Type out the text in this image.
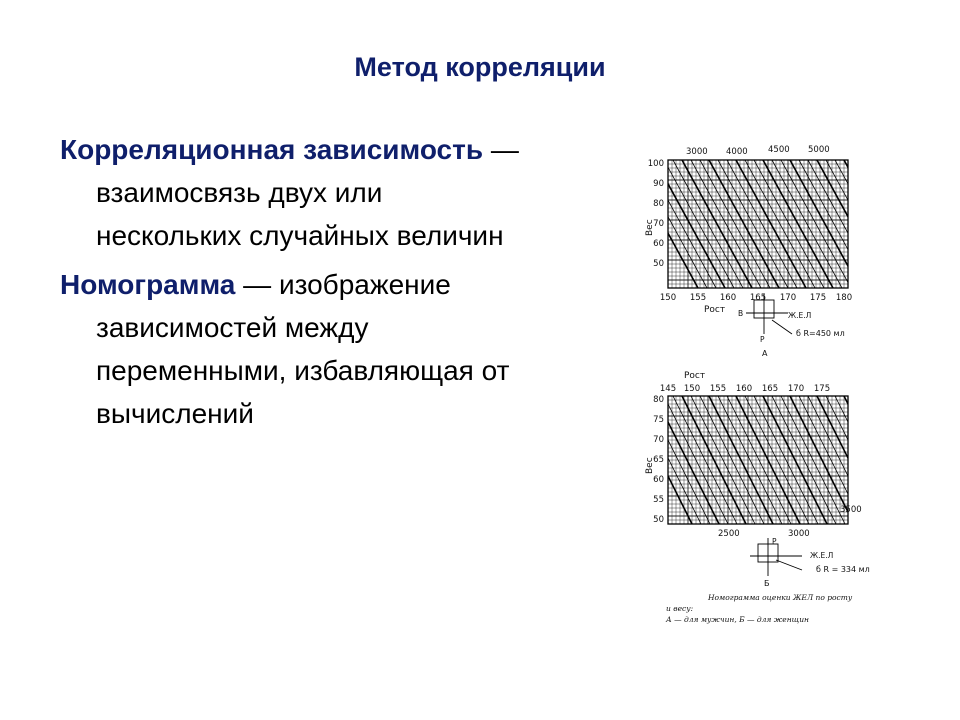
Метод корреляции

Корреляционная зависимость — взаимосвязь двух или нескольких случайных величин

Номограмма — изображение зависимостей между переменными, избавляющая от вычислений

3000 4000 4500 5000
100
90
80
70
60
50
Вес
150 155 160 165 170 175 180
Рост В
Р
Ж.Е.Л
б R=450 мл
А
Рост
145 150 155 160 165 170 175
80
75
70
65
60
55
50
Вес
3500
2500	3000
Р
Ж.Е.Л
б R = 334 мл
Б
Номограмма оценки ЖЕЛ по росту
и весу:
А — для мужчин, Б — для женщин
